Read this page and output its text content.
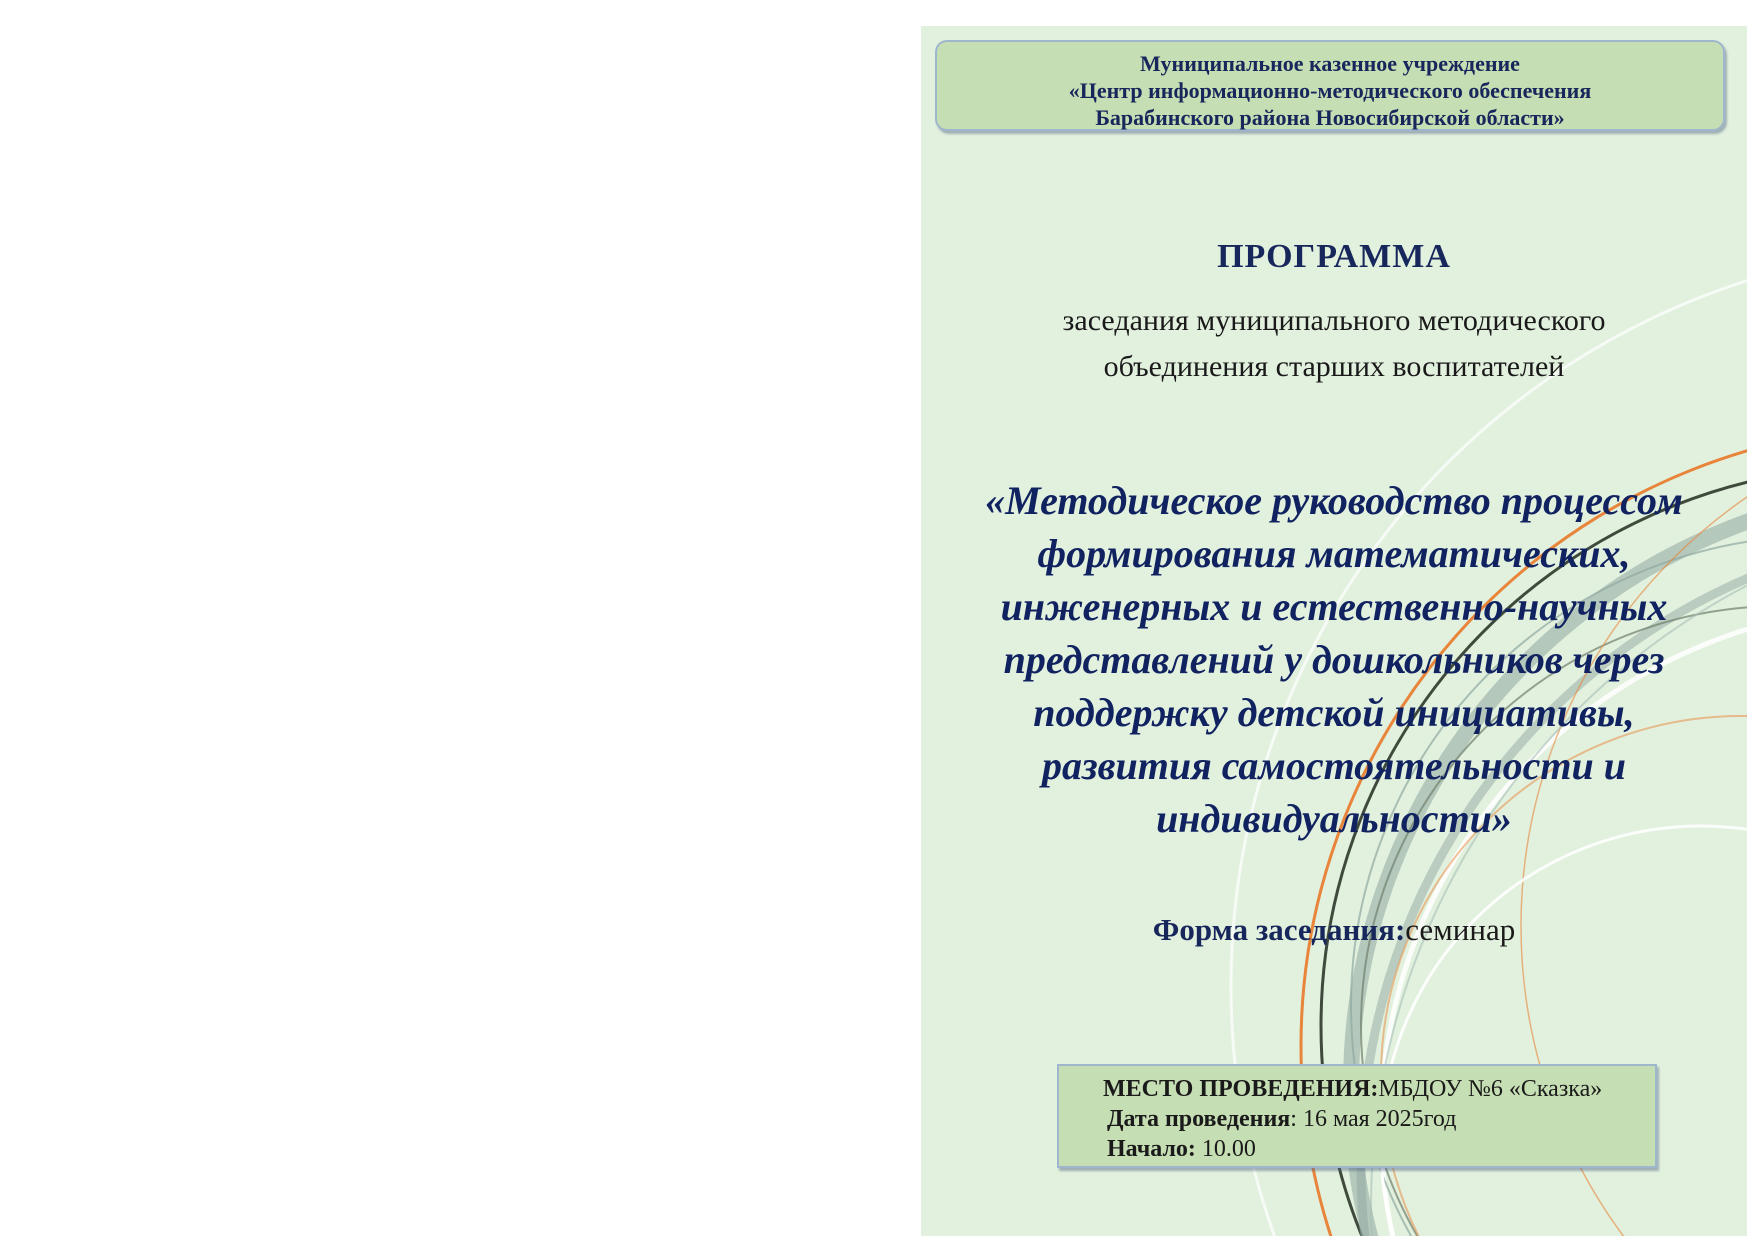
Муниципальное казенное учреждение
«Центр информационно-методического обеспечения
Барабинского района Новосибирской области»
ПРОГРАММА
заседания муниципального методического
объединения старших воспитателей
«Методическое руководство процессом
формирования математических,
инженерных и естественно-научных
представлений у дошкольников через
поддержку детской инициативы,
развития самостоятельности и
индивидуальности»
Форма заседания:семинар
МЕСТО ПРОВЕДЕНИЯ:МБДОУ №6 «Сказка»
Дата проведения: 16 мая 2025год
Начало: 10.00
